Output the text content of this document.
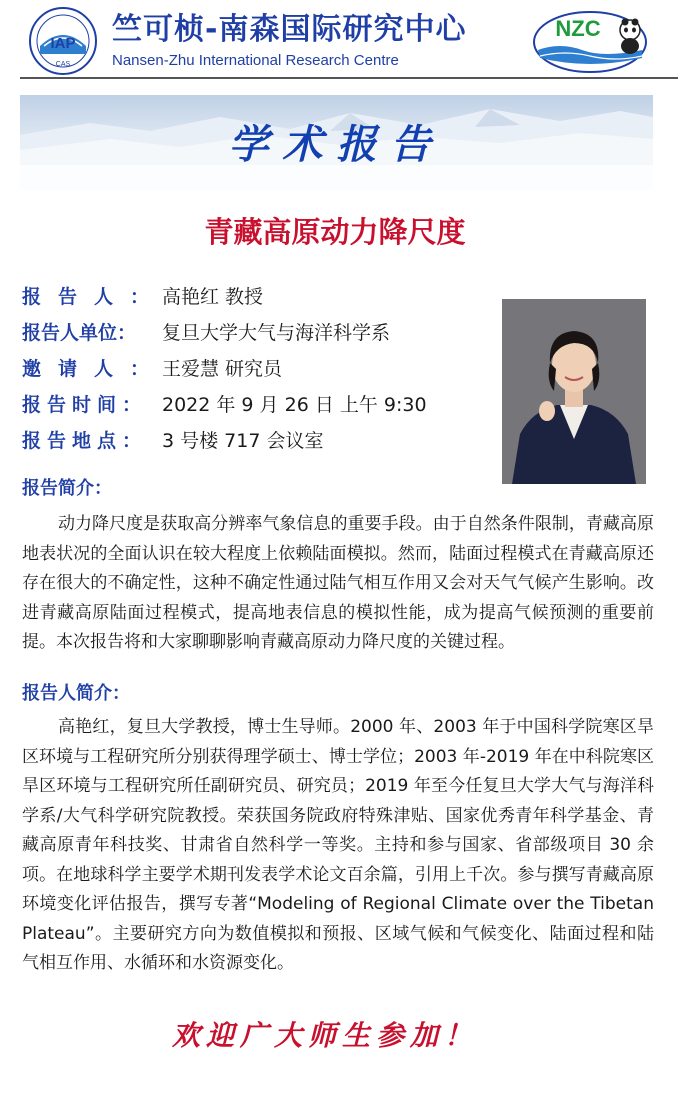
IAP
CAS
竺可桢-南森国际研究中心
Nansen-Zhu International Research Centre
NZC
学术报告
青藏高原动力降尺度
报告人：高艳红 教授
报告人单位： 复旦大学大气与海洋科学系
邀请人：王爱慧 研究员
报告时间： 2022 年 9 月 26 日 上午 9:30
报告地点： 3 号楼 717 会议室
报告简介：

动力降尺度是获取高分辨率气象信息的重要手段。由于自然条件限制，青藏高原地表状况的全面认识在较大程度上依赖陆面模拟。然而，陆面过程模式在青藏高原还存在很大的不确定性，这种不确定性通过陆气相互作用又会对天气气候产生影响。改进青藏高原陆面过程模式，提高地表信息的模拟性能，成为提高气候预测的重要前提。本次报告将和大家聊聊影响青藏高原动力降尺度的关键过程。

报告人简介：

高艳红，复旦大学教授，博士生导师。2000 年、2003 年于中国科学院寒区旱区环境与工程研究所分别获得理学硕士、博士学位；2003 年-2019 年在中科院寒区旱区环境与工程研究所任副研究员、研究员；2019 年至今任复旦大学大气与海洋科学系/大气科学研究院教授。荣获国务院政府特殊津贴、国家优秀青年科学基金、青藏高原青年科技奖、甘肃省自然科学一等奖。主持和参与国家、省部级项目 30 余项。在地球科学主要学术期刊发表学术论文百余篇，引用上千次。参与撰写青藏高原环境变化评估报告，撰写专著“Modeling of Regional Climate over the Tibetan Plateau”。主要研究方向为数值模拟和预报、区域气候和气候变化、陆面过程和陆气相互作用、水循环和水资源变化。

欢迎广大师生参加！
